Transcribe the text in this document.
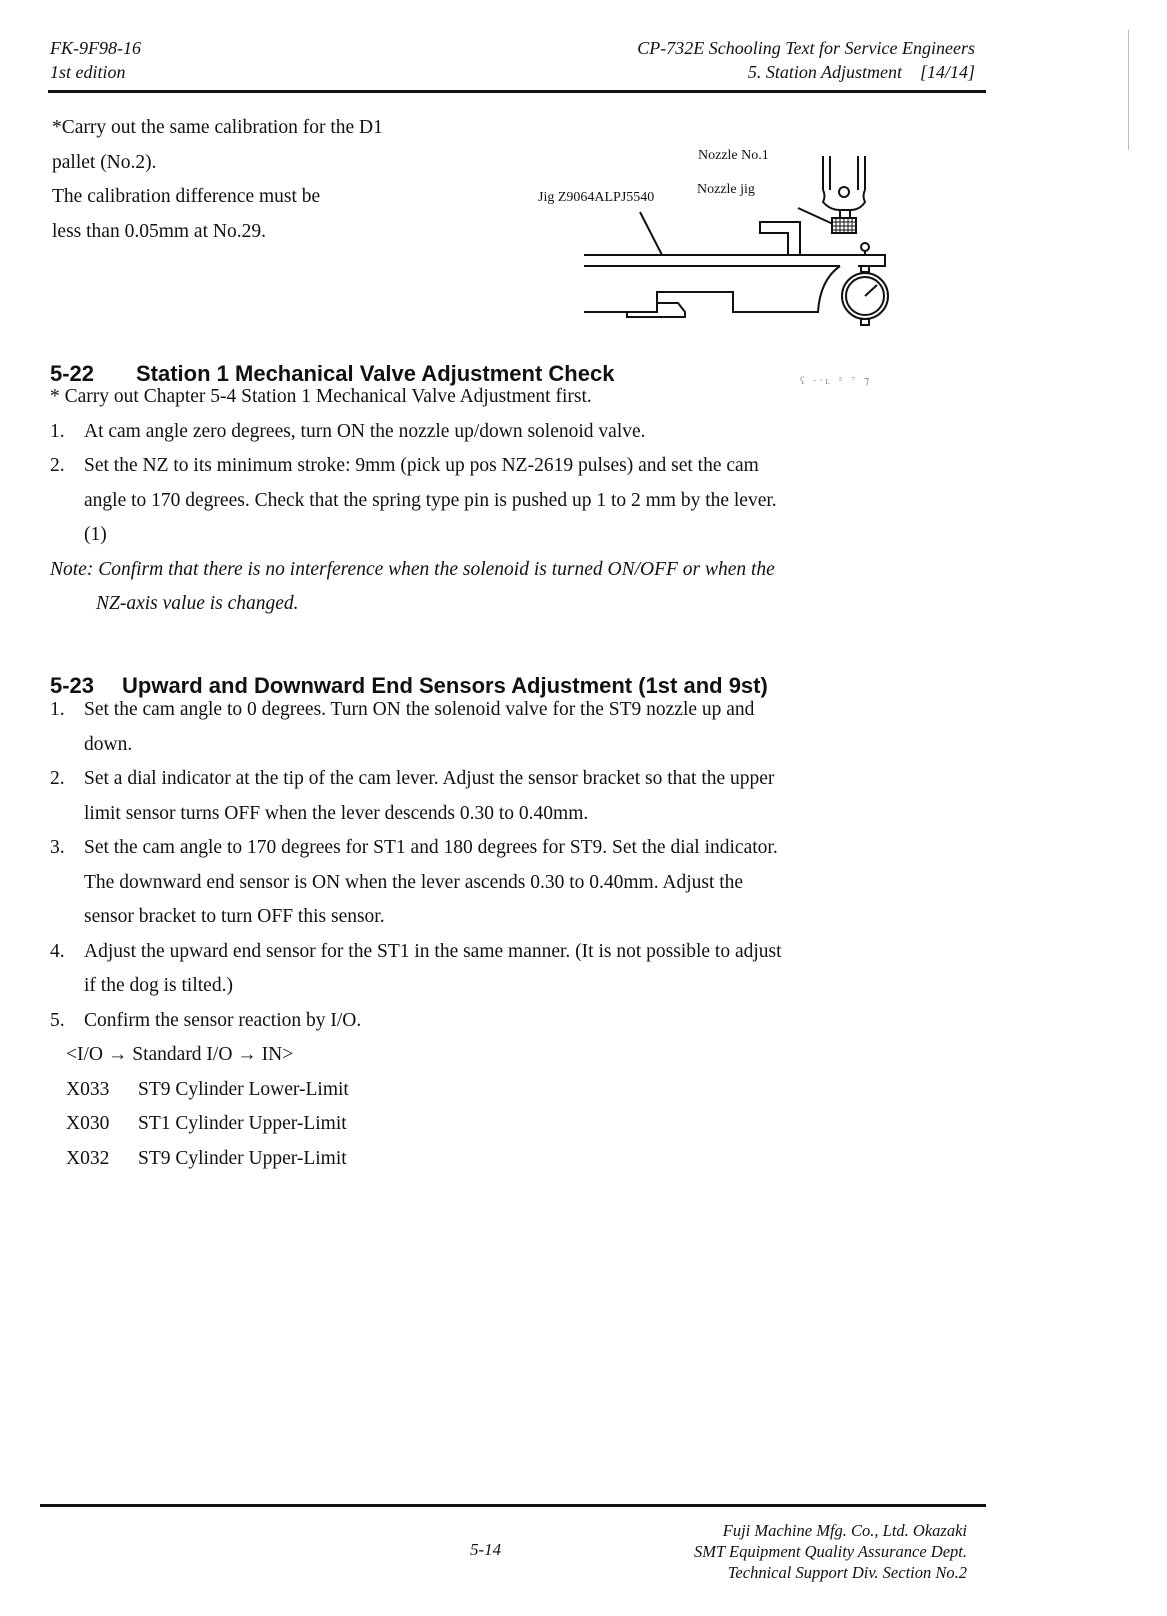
FK-9F98-16
1st edition
CP-732E Schooling Text for Service Engineers
5. Station Adjustment [14/14]
*Carry out the same calibration for the D1
pallet (No.2).
The calibration difference must be
less than 0.05mm at No.29.
Nozzle No.1
Nozzle jig
Jig Z9064ALPJ5540
5-22 Station 1 Mechanical Valve Adjustment Check	ʕ ∙∙ʟ ⁵ ⁷ ⁊
* Carry out Chapter 5-4 Station 1 Mechanical Valve Adjustment first.
1. At cam angle zero degrees, turn ON the nozzle up/down solenoid valve.
2. Set the NZ to its minimum stroke: 9mm (pick up pos NZ-2619 pulses) and set the cam
angle to 170 degrees. Check that the spring type pin is pushed up 1 to 2 mm by the lever.
(1)
Note: Confirm that there is no interference when the solenoid is turned ON/OFF or when the
NZ-axis value is changed.
5-23 Upward and Downward End Sensors Adjustment (1st and 9st)
1. Set the cam angle to 0 degrees. Turn ON the solenoid valve for the ST9 nozzle up and
down.
2. Set a dial indicator at the tip of the cam lever. Adjust the sensor bracket so that the upper
limit sensor turns OFF when the lever descends 0.30 to 0.40mm.
3. Set the cam angle to 170 degrees for ST1 and 180 degrees for ST9. Set the dial indicator.
The downward end sensor is ON when the lever ascends 0.30 to 0.40mm. Adjust the
sensor bracket to turn OFF this sensor.
4. Adjust the upward end sensor for the ST1 in the same manner. (It is not possible to adjust
if the dog is tilted.)
5. Confirm the sensor reaction by I/O.
<I/O → Standard I/O → IN>
X033 ST9 Cylinder Lower-Limit
X030 ST1 Cylinder Upper-Limit
X032 ST9 Cylinder Upper-Limit
5-14
Fuji Machine Mfg. Co., Ltd. Okazaki
SMT Equipment Quality Assurance Dept.
Technical Support Div. Section No.2
